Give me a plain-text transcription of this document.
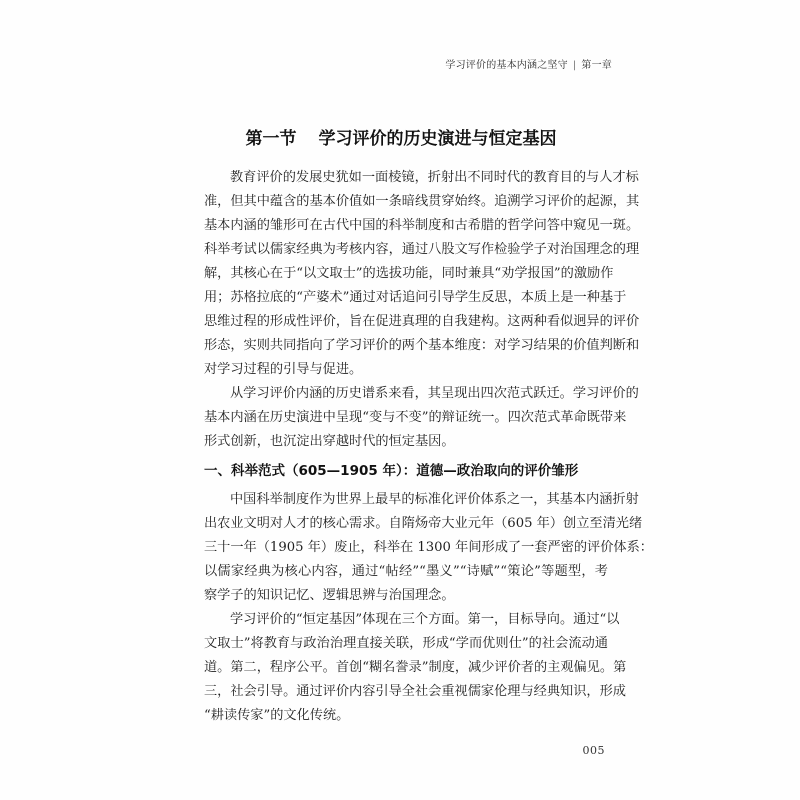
学习评价的基本内涵之坚守 | 第一章
第一节 学习评价的历史演进与恒定基因
教育评价的发展史犹如一面棱镜，折射出不同时代的教育目的与人才标
准，但其中蕴含的基本价值如一条暗线贯穿始终。追溯学习评价的起源，其
基本内涵的雏形可在古代中国的科举制度和古希腊的哲学问答中窥见一斑。
科举考试以儒家经典为考核内容，通过八股文写作检验学子对治国理念的理
解，其核心在于“以文取士”的选拔功能，同时兼具“劝学报国”的激励作
用；苏格拉底的“产婆术”通过对话追问引导学生反思，本质上是一种基于
思维过程的形成性评价，旨在促进真理的自我建构。这两种看似迥异的评价
形态，实则共同指向了学习评价的两个基本维度：对学习结果的价值判断和
对学习过程的引导与促进。
从学习评价内涵的历史谱系来看，其呈现出四次范式跃迁。学习评价的
基本内涵在历史演进中呈现“变与不变”的辩证统一。四次范式革命既带来
形式创新，也沉淀出穿越时代的恒定基因。
一、科举范式（605—1905 年）：道德—政治取向的评价雏形
中国科举制度作为世界上最早的标准化评价体系之一，其基本内涵折射
出农业文明对人才的核心需求。自隋炀帝大业元年（605 年）创立至清光绪
三十一年（1905 年）废止，科举在 1300 年间形成了一套严密的评价体系：
以儒家经典为核心内容，通过“帖经”“墨义”“诗赋”“策论”等题型，考
察学子的知识记忆、逻辑思辨与治国理念。
学习评价的“恒定基因”体现在三个方面。第一，目标导向。通过“以
文取士”将教育与政治治理直接关联，形成“学而优则仕”的社会流动通
道。第二，程序公平。首创“糊名誊录”制度，减少评价者的主观偏见。第
三，社会引导。通过评价内容引导全社会重视儒家伦理与经典知识，形成
“耕读传家”的文化传统。
005
